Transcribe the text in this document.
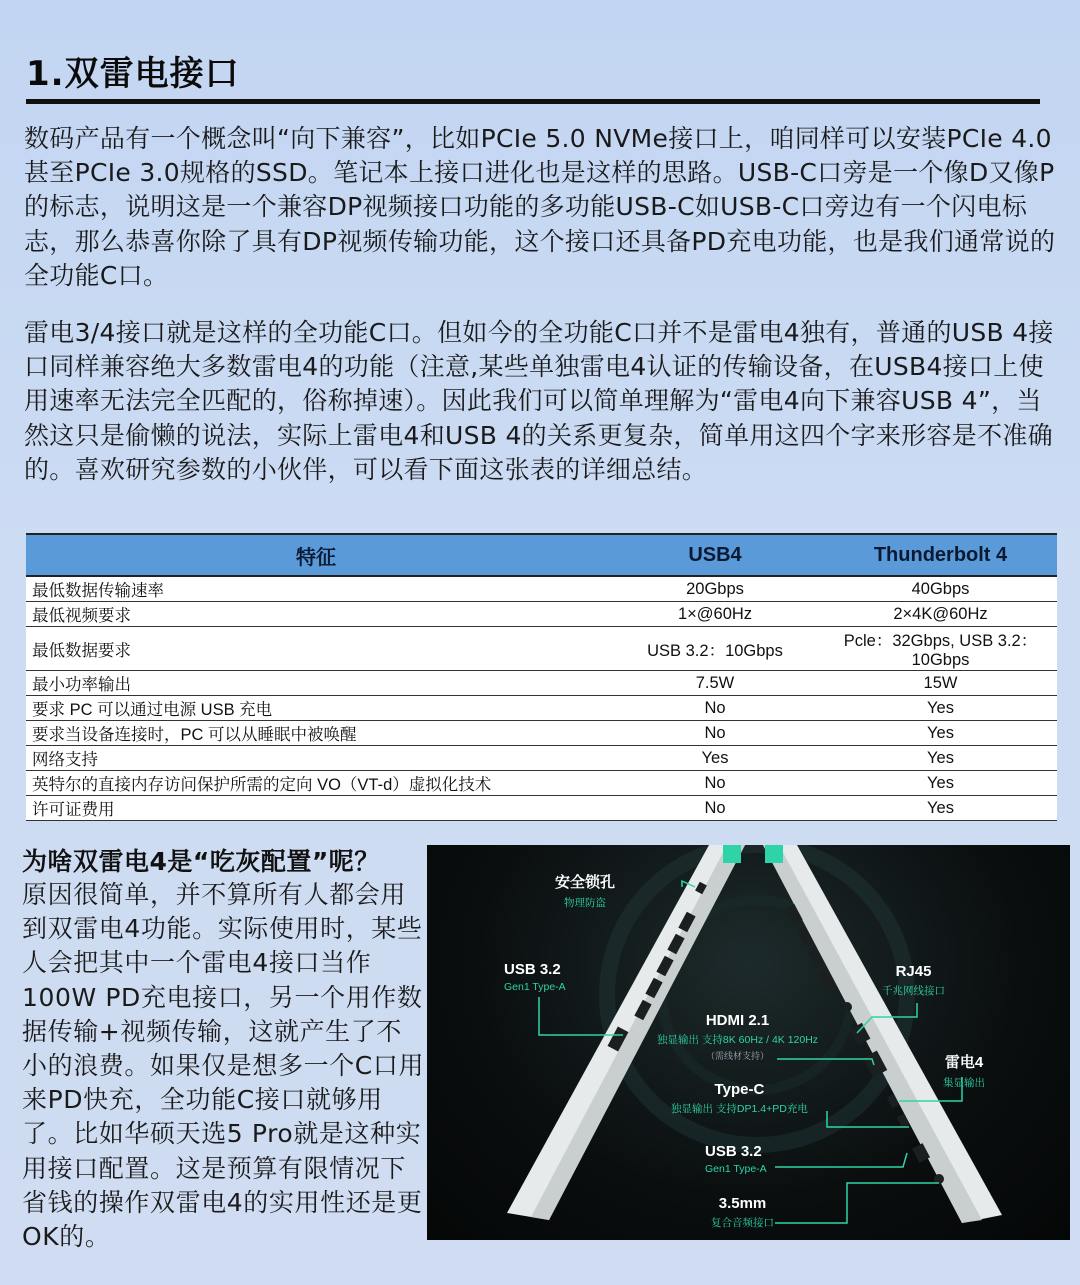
1.双雷电接口

数码产品有一个概念叫“向下兼容”，比如PCIe 5.0 NVMe接口上，咱同样可以安装PCIe 4.0甚至PCIe 3.0规格的SSD。笔记本上接口进化也是这样的思路。USB-C口旁是一个像D又像P的标志，说明这是一个兼容DP视频接口功能的多功能USB-C如USB-C口旁边有一个闪电标志，那么恭喜你除了具有DP视频传输功能，这个接口还具备PD充电功能，也是我们通常说的全功能C口。

雷电3/4接口就是这样的全功能C口。但如今的全功能C口并不是雷电4独有，普通的USB 4接口同样兼容绝大多数雷电4的功能（注意,某些单独雷电4认证的传输设备，在USB4接口上使用速率无法完全匹配的，俗称掉速）。因此我们可以简单理解为“雷电4向下兼容USB 4”，当然这只是偷懒的说法，实际上雷电4和USB 4的关系更复杂，简单用这四个字来形容是不准确的。喜欢研究参数的小伙伴，可以看下面这张表的详细总结。

特征	USB4	Thunderbolt 4
最低数据传输速率	20Gbps	40Gbps
最低视频要求	1×@60Hz	2×4K@60Hz
最低数据要求	USB 3.2：10Gbps	Pcle：32Gbps, USB 3.2：10Gbps
最小功率输出	7.5W	15W
要求 PC 可以通过电源 USB 充电	No	Yes
要求当设备连接时，PC 可以从睡眠中被唤醒	No	Yes
网络支持	Yes	Yes
英特尔的直接内存访问保护所需的定向 VO（VT-d）虚拟化技术	No	Yes
许可证费用	No	Yes
为啥双雷电4是“吃灰配置”呢？

原因很简单，并不算所有人都会用到双雷电4功能。实际使用时，某些人会把其中一个雷电4接口当作100W PD充电接口，另一个用作数据传输+视频传输，这就产生了不小的浪费。如果仅是想多一个C口用来PD快充，全功能C接口就够用了。比如华硕天选5 Pro就是这种实用接口配置。这是预算有限情况下省钱的操作双雷电4的实用性还是更OK的。

安全锁孔
物理防盗
USB 3.2
Gen1 Type-A
RJ45
千兆网线接口
HDMI 2.1
独显输出 支持8K 60Hz / 4K 120Hz
（需线材支持）	雷电4
集显输出
Type-C
独显输出 支持DP1.4+PD充电
USB 3.2
Gen1 Type-A
3.5mm
复合音频接口
